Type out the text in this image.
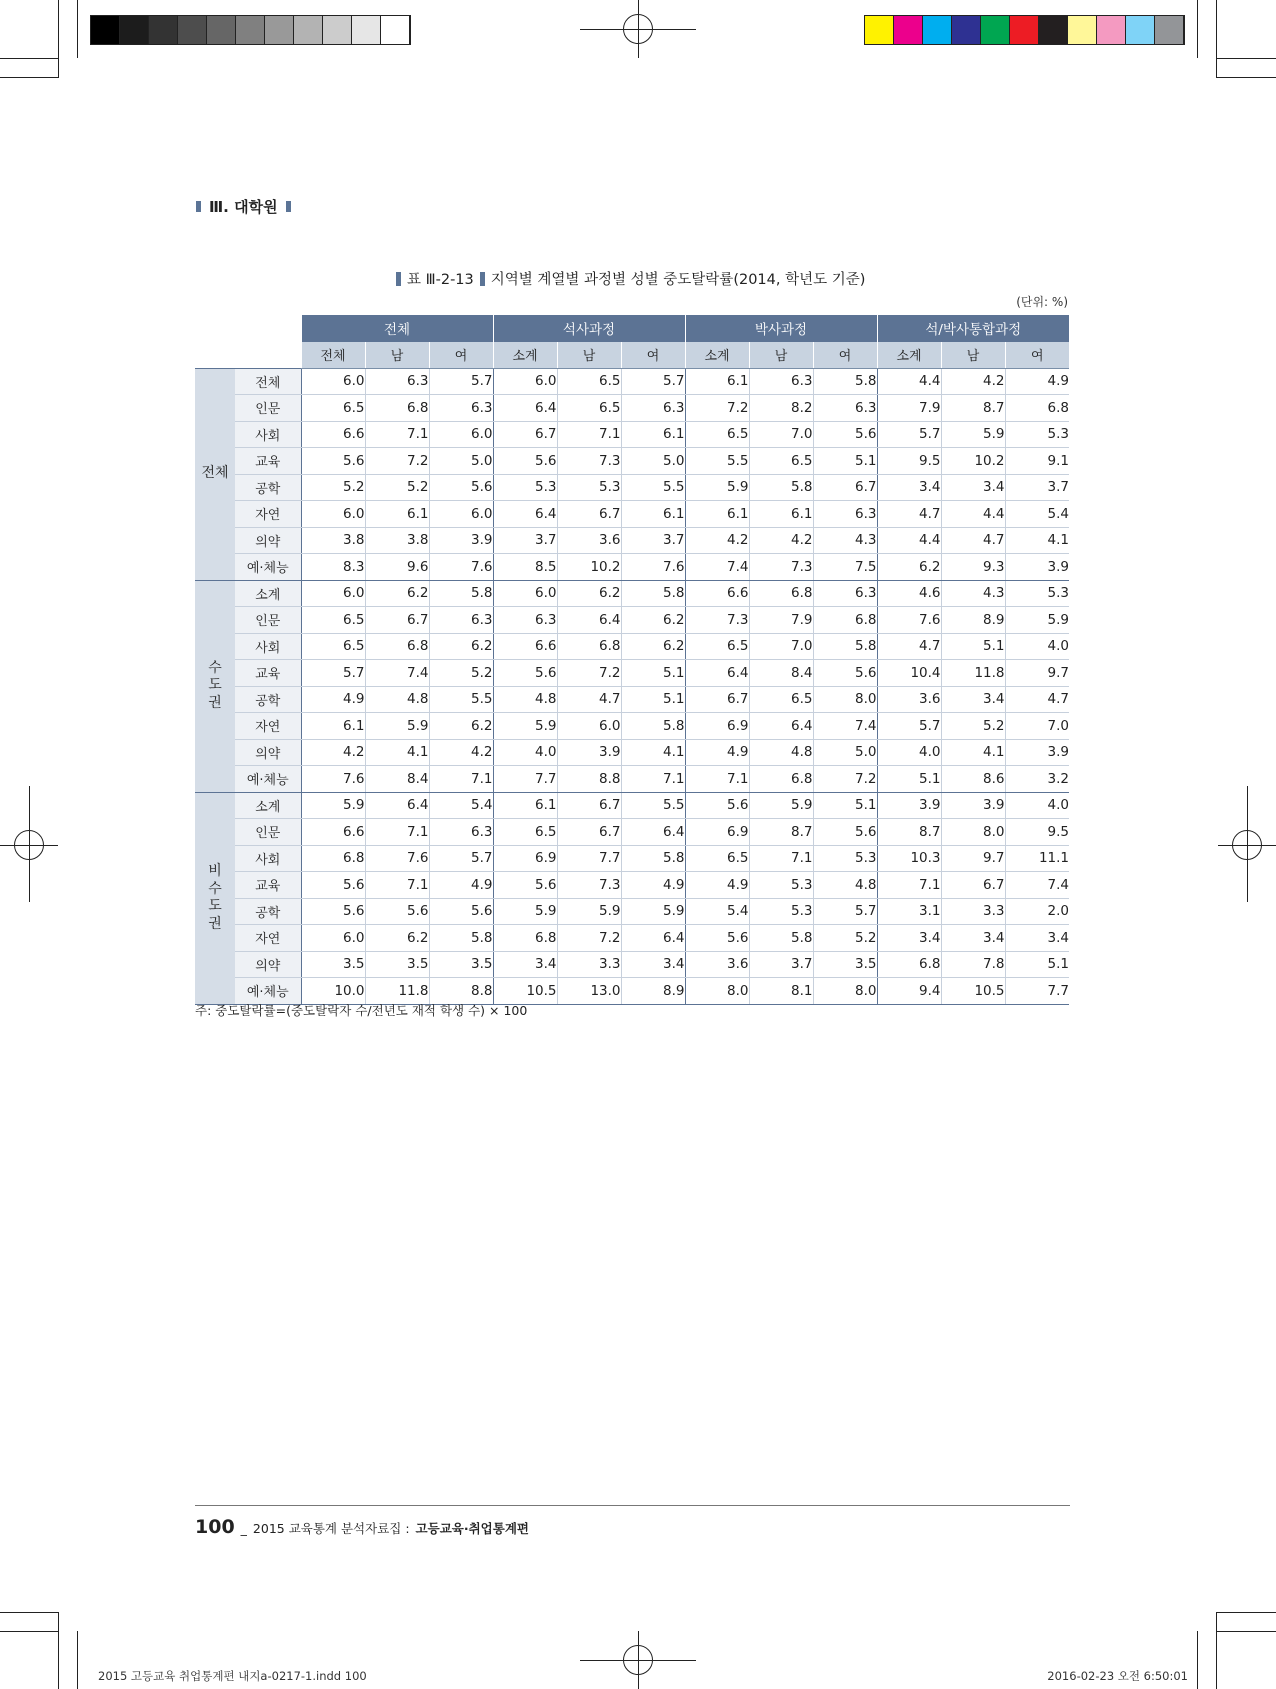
Ⅲ. 대학원
표 Ⅲ-2-13 지역별 계열별 과정별 성별 중도탈락률(2014, 학년도 기준)
(단위: %)
		전체			석사과정			박사과정			석/박사통합과정		
		전체	남	여	소계	남	여	소계	남	여	소계	남	여
전체	전체	6.0	6.3	5.7	6.0	6.5	5.7	6.1	6.3	5.8	4.4	4.2	4.9
	인문	6.5	6.8	6.3	6.4	6.5	6.3	7.2	8.2	6.3	7.9	8.7	6.8
	사회	6.6	7.1	6.0	6.7	7.1	6.1	6.5	7.0	5.6	5.7	5.9	5.3
	교육	5.6	7.2	5.0	5.6	7.3	5.0	5.5	6.5	5.1	9.5	10.2	9.1
	공학	5.2	5.2	5.6	5.3	5.3	5.5	5.9	5.8	6.7	3.4	3.4	3.7
	자연	6.0	6.1	6.0	6.4	6.7	6.1	6.1	6.1	6.3	4.7	4.4	5.4
	의약	3.8	3.8	3.9	3.7	3.6	3.7	4.2	4.2	4.3	4.4	4.7	4.1
	예·체능	8.3	9.6	7.6	8.5	10.2	7.6	7.4	7.3	7.5	6.2	9.3	3.9
수도권	소계	6.0	6.2	5.8	6.0	6.2	5.8	6.6	6.8	6.3	4.6	4.3	5.3
	인문	6.5	6.7	6.3	6.3	6.4	6.2	7.3	7.9	6.8	7.6	8.9	5.9
	사회	6.5	6.8	6.2	6.6	6.8	6.2	6.5	7.0	5.8	4.7	5.1	4.0
	교육	5.7	7.4	5.2	5.6	7.2	5.1	6.4	8.4	5.6	10.4	11.8	9.7
	공학	4.9	4.8	5.5	4.8	4.7	5.1	6.7	6.5	8.0	3.6	3.4	4.7
	자연	6.1	5.9	6.2	5.9	6.0	5.8	6.9	6.4	7.4	5.7	5.2	7.0
	의약	4.2	4.1	4.2	4.0	3.9	4.1	4.9	4.8	5.0	4.0	4.1	3.9
	예·체능	7.6	8.4	7.1	7.7	8.8	7.1	7.1	6.8	7.2	5.1	8.6	3.2
비수도권	소계	5.9	6.4	5.4	6.1	6.7	5.5	5.6	5.9	5.1	3.9	3.9	4.0
	인문	6.6	7.1	6.3	6.5	6.7	6.4	6.9	8.7	5.6	8.7	8.0	9.5
	사회	6.8	7.6	5.7	6.9	7.7	5.8	6.5	7.1	5.3	10.3	9.7	11.1
	교육	5.6	7.1	4.9	5.6	7.3	4.9	4.9	5.3	4.8	7.1	6.7	7.4
	공학	5.6	5.6	5.6	5.9	5.9	5.9	5.4	5.3	5.7	3.1	3.3	2.0
	자연	6.0	6.2	5.8	6.8	7.2	6.4	5.6	5.8	5.2	3.4	3.4	3.4
	의약	3.5	3.5	3.5	3.4	3.3	3.4	3.6	3.7	3.5	6.8	7.8	5.1
	예·체능	10.0	11.8	8.8	10.5	13.0	8.9	8.0	8.1	8.0	9.4	10.5	7.7
주: 중도탈락률=(중도탈락자 수/전년도 재적 학생 수) × 100
100 _ 2015 교육통계 분석자료집 : 고등교육·취업통계편
2015 고등교육 취업통계편 내지a-0217-1.indd 100	2016-02-23 오전 6:50:01
